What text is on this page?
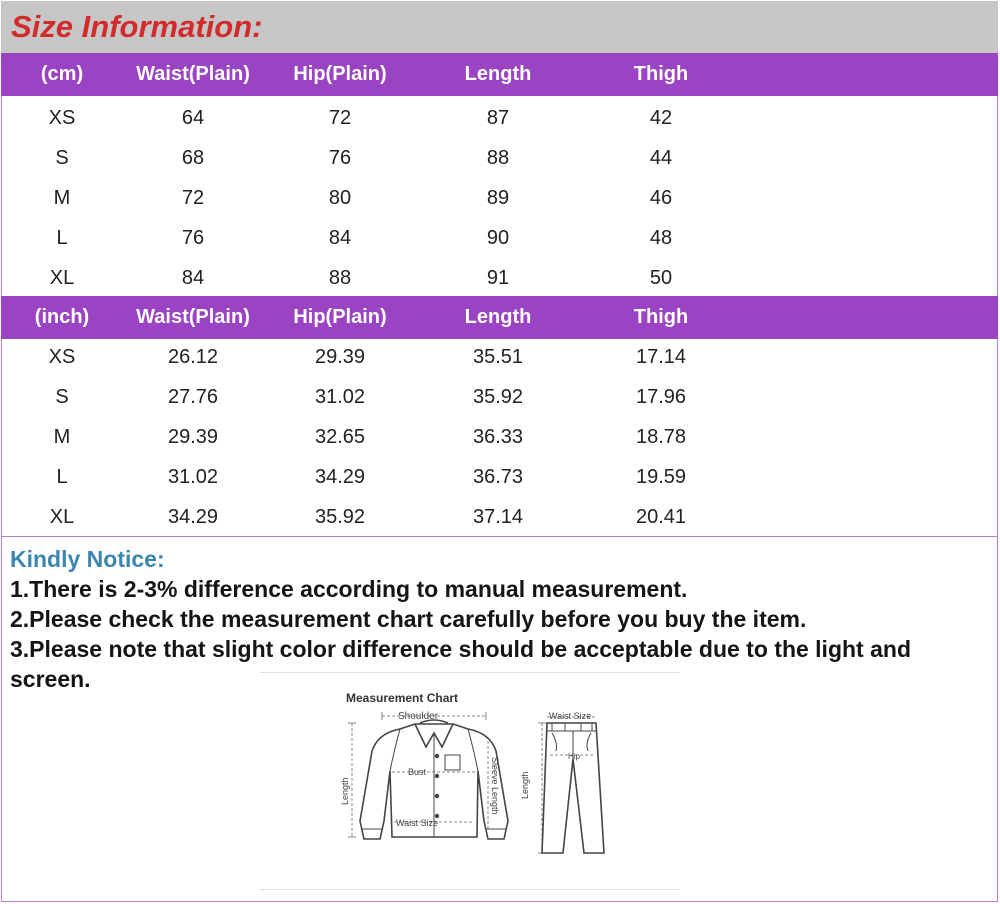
Size Information:
(cm)	Waist(Plain)	Hip(Plain)	Length	Thigh
XS	64	72	87	42
S	68	76	88	44
M	72	80	89	46
L	76	84	90	48
XL	84	88	91	50
(inch)	Waist(Plain)	Hip(Plain)	Length	Thigh
XS	26.12	29.39	35.51	17.14
S	27.76	31.02	35.92	17.96
M	29.39	32.65	36.33	18.78
L	31.02	34.29	36.73	19.59
XL	34.29	35.92	37.14	20.41
Kindly Notice:
1.There is 2-3% difference according to manual measurement.
2.Please check the measurement chart carefully before you buy the item.
3.Please note that slight color difference should be acceptable due to the light and
screen.
Measurement Chart
Shoulder
Bust
Waist Size
Length	Sleeve Length
Waist Size
Hip
Length
